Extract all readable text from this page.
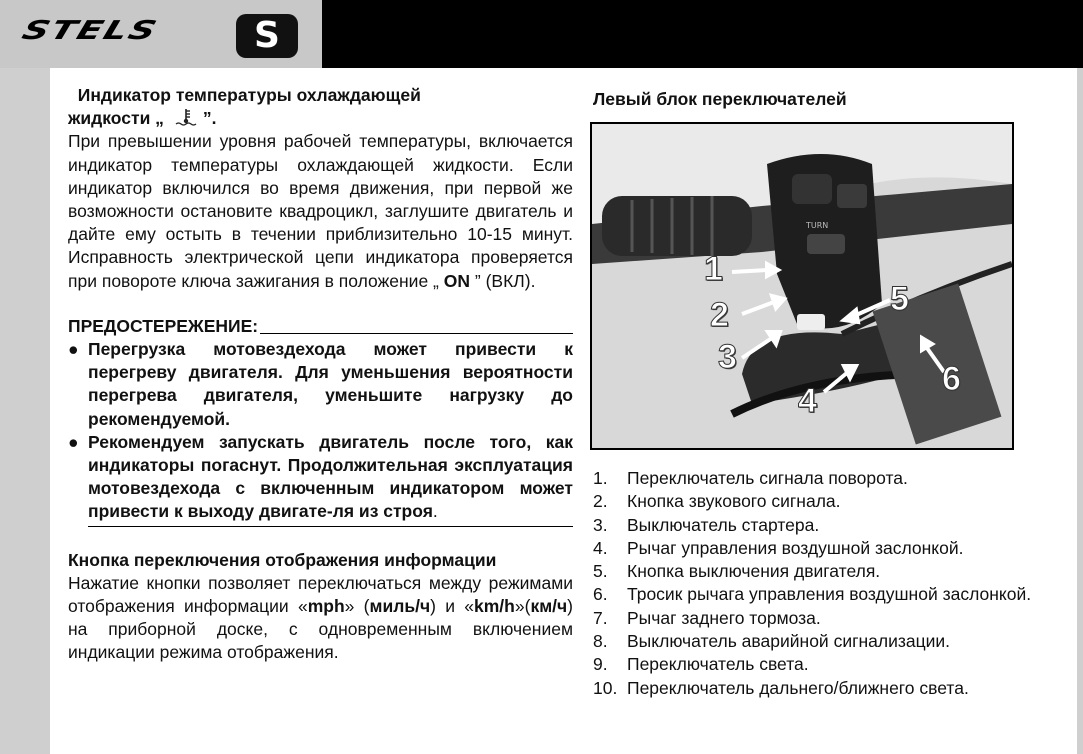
STELS	S

Индикатор температуры охлаждающей
жидкости „ ”.

При превышении уровня рабочей температуры, включается индикатор температуры охлаждающей жидкости. Если индикатор включился во время движения, при первой же возможности остановите квадроцикл, заглушите двигатель и дайте ему остыть в течении приблизительно 10-15 минут. Исправность электрической цепи индикатора проверяется при повороте ключа зажигания в положение „ ON ” (ВКЛ).

ПРЕДОСТЕРЕЖЕНИЕ:
● Перегрузка мотовездехода может привести к перегреву двигателя. Для уменьшения вероятности перегрева двигателя, уменьшите нагрузку до рекомендуемой.
● Рекомендуем запускать двигатель после того, как индикаторы погаснут. Продолжительная эксплуатация мотовездехода с включенным индикатором может привести к выходу двигате-ля из строя.

Кнопка переключения отображения информации

Нажатие кнопки позволяет переключаться между режимами отображения информации «mph» (миль/ч) и «km/h»(км/ч) на приборной доске, с одновременным включением индикации режима отображения.

Левый блок переключателей

TURN
1
2
3
4
5
6
1. Переключатель сигнала поворота.
2. Кнопка звукового сигнала.
3. Выключатель стартера.
4. Рычаг управления воздушной заслонкой.
5. Кнопка выключения двигателя.
6. Тросик рычага управления воздушной заслонкой.
7. Рычаг заднего тормоза.
8. Выключатель аварийной сигнализации.
9. Переключатель света.
10. Переключатель дальнего/ближнего света.
